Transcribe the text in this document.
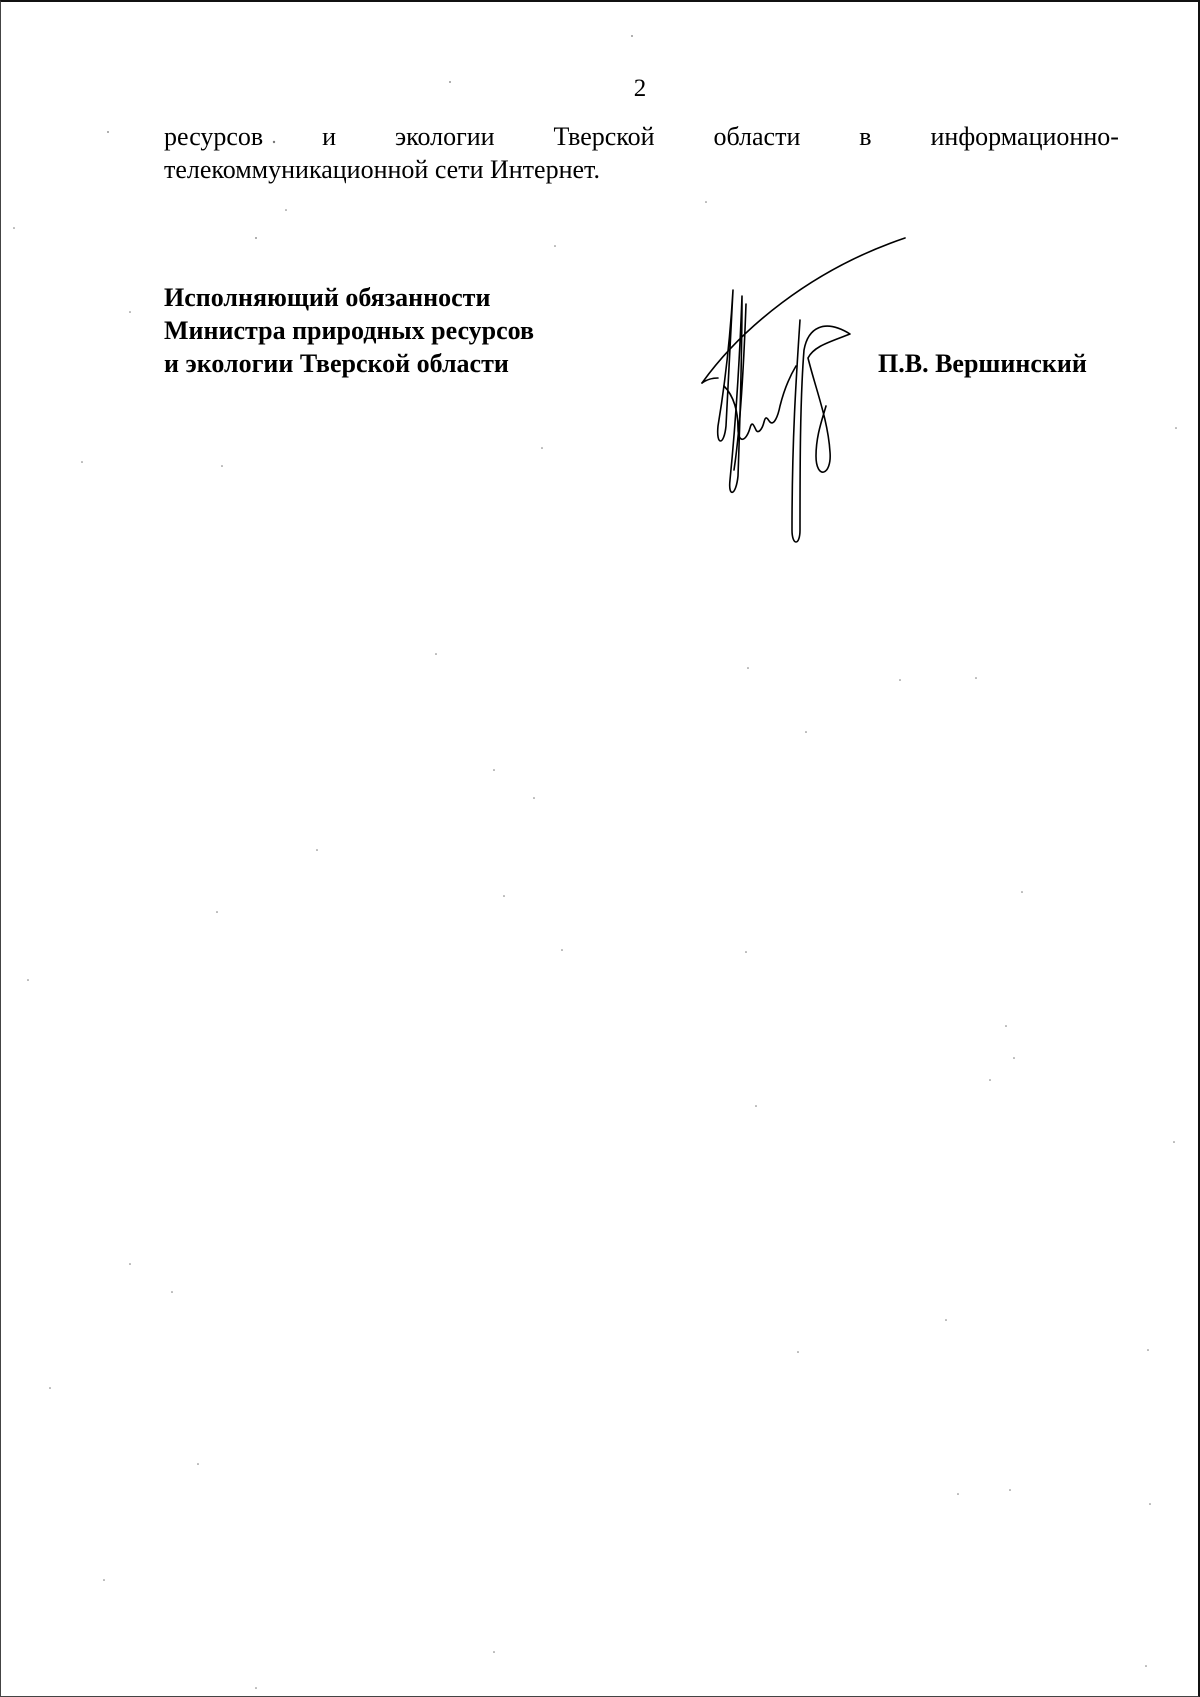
2
ресурсов и экологии Тверской области в информационно-
телекоммуникационной сети Интернет.
Исполняющий обязанности
Министра природных ресурсов
и экологии Тверской области	П.В. Вершинский
